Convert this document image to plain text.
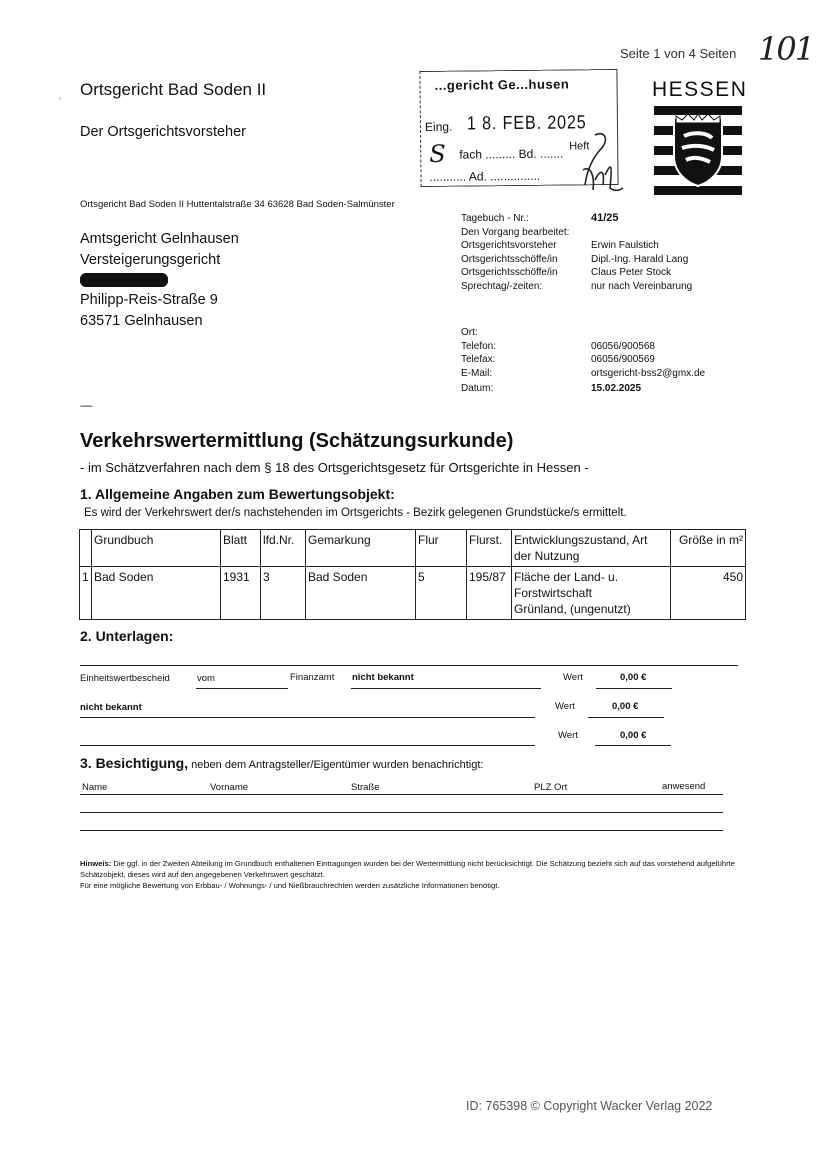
ˌ Ortsgericht Bad Soden II
Der Ortsgerichtsvorsteher
Seite 1 von 4 Seiten 101
...gericht Ge...husen
Eing. 1 8. FEB. 2025
S fach ......... Bd. .......
Heft
........... Ad. ...............
HESSEN
Ortsgericht Bad Soden II Huttentalstraße 34 63628 Bad Soden-Salmünster
Amtsgericht Gelnhausen
Versteigerungsgericht
Philipp-Reis-Straße 9
63571 Gelnhausen
-----
Tagebuch - Nr.:	41/25
Den Vorgang bearbeitet:
Ortsgerichtsvorsteher	Erwin Faulstich
Ortsgerichtsschöffe/in	Dipl.-Ing. Harald Lang
Ortsgerichtsschöffe/in	Claus Peter Stock
Sprechtag/-zeiten:	nur nach Vereinbarung
Ort:
Telefon:	06056/900568
Telefax:	06056/900569
E-Mail:	ortsgericht-bss2@gmx.de
Datum:	15.02.2025
Verkehrswertermittlung (Schätzungsurkunde)
- im Schätzverfahren nach dem § 18 des Ortsgerichtsgesetz für Ortsgerichte in Hessen -
1. Allgemeine Angaben zum Bewertungsobjekt:
Es wird der Verkehrswert der/s nachstehenden im Ortsgerichts - Bezirk gelegenen Grundstücke/s ermittelt.
	Grundbuch	Blatt	lfd.Nr.	Gemarkung	Flur	Flurst.	Entwicklungszustand, Art der Nutzung	Größe in m²
1	Bad Soden	1931	3	Bad Soden	5	195/87	Fläche der Land- u.
Forstwirtschaft
Grünland, (ungenutzt)	450
2. Unterlagen:
Einheitswertbescheid	vom	Finanzamt nicht bekannt	Wert	0,00 €
nicht bekannt	Wert	0,00 €
Wert	0,00 €
3. Besichtigung, neben dem Antragsteller/Eigentümer wurden benachrichtigt:
Name	Vorname	Straße	PLZ Ort	anwesend
Hinweis: Die ggf. in der Zweiten Abteilung im Grundbuch enthaltenen Eintragungen wurden bei der Wertermittlung nicht berücksichtigt. Die Schätzung bezieht sich auf das vorstehend aufgeführte Schätzobjekt, dieses wird auf den angegebenen Verkehrswert geschätzt.
Für eine mögliche Bewertung von Erbbau- / Wohnungs- / und Nießbrauchrechten werden zusätzliche Informationen benötigt.
ID: 765398 © Copyright Wacker Verlag 2022
